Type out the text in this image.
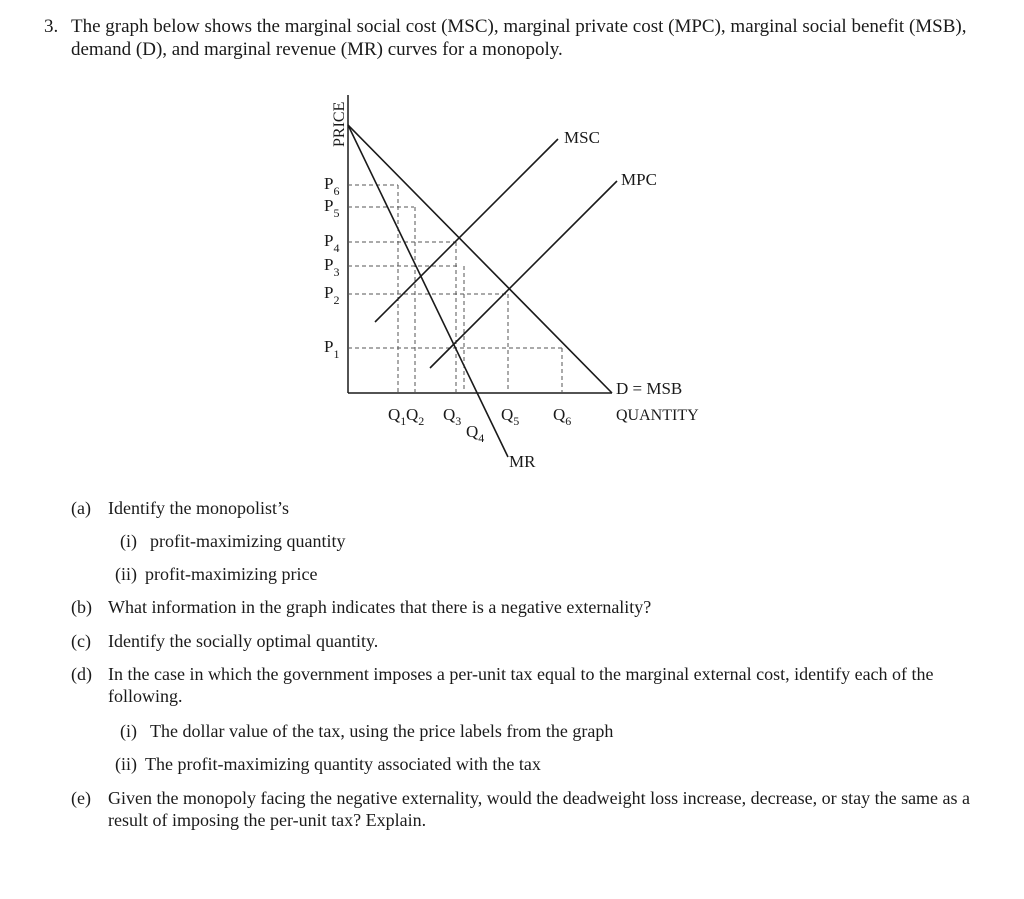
3. The graph below shows the marginal social cost (MSC), marginal private cost (MPC), marginal social benefit (MSB), demand (D), and marginal revenue (MR) curves for a monopoly.
PRICE
QUANTITY
MSC
MPC
D = MSB
MR
$P_6$
$P_5$
$P_4$
$P_3$
$P_2$
$P_1$
$Q_1$ $Q_2$ $Q_3$
$Q_4$
$Q_5$ $Q_6$
(a) Identify the monopolist’s
(i) profit-maximizing quantity
(ii) profit-maximizing price
(b) What information in the graph indicates that there is a negative externality?
(c) Identify the socially optimal quantity.
(d) In the case in which the government imposes a per-unit tax equal to the marginal external cost, identify each of the following.
(i) The dollar value of the tax, using the price labels from the graph
(ii) The profit-maximizing quantity associated with the tax
(e) Given the monopoly facing the negative externality, would the deadweight loss increase, decrease, or stay the same as a result of imposing the per-unit tax? Explain.
